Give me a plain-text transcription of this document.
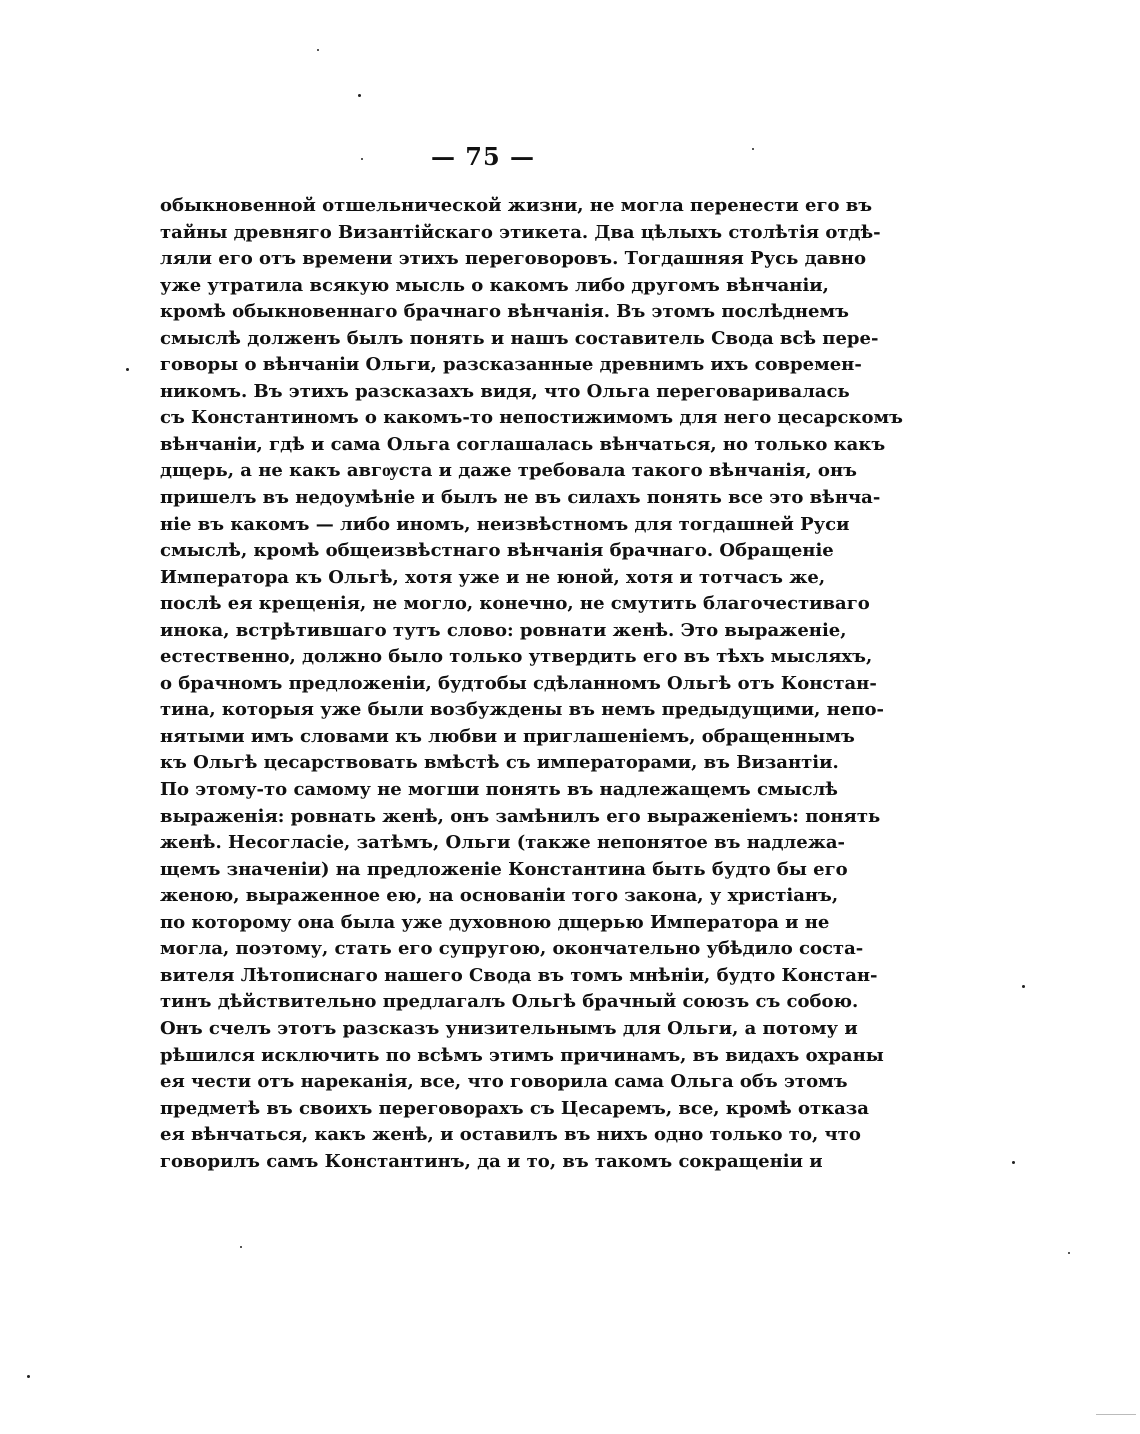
— 75 —
обыкновенной отшельнической жизни, не могла перенести его въ
тайны древняго Византійскаго этикета. Два цѣлыхъ столѣтія отдѣ-
ляли его отъ времени этихъ переговоровъ. Тогдашняя Русь давно
уже утратила всякую мысль о какомъ либо другомъ вѣнчаніи,
кромѣ обыкновеннаго брачнаго вѣнчанія. Въ этомъ послѣднемъ
смыслѣ долженъ былъ понять и нашъ составитель Свода всѣ пере-
говоры о вѣнчаніи Ольги, разсказанные древнимъ ихъ современ-
никомъ. Въ этихъ разсказахъ видя, что Ольга переговаривалась
съ Константиномъ о какомъ-то непостижимомъ для него цесарскомъ
вѣнчаніи, гдѣ и сама Ольга соглашалась вѣнчаться, но только какъ
дщерь, а не какъ авгѹста и даже требовала такого вѣнчанія, онъ
пришелъ въ недоумѣніе и былъ не въ силахъ понять все это вѣнча-
ніе въ какомъ — либо иномъ, неизвѣстномъ для тогдашней Руси
смыслѣ, кромѣ общеизвѣстнаго вѣнчанія брачнаго. Обращеніе
Императора къ Ольгѣ, хотя уже и не юной, хотя и тотчасъ же,
послѣ ея крещенія, не могло, конечно, не смутить благочестиваго
инока, встрѣтившаго тутъ слово: ровнати женѣ. Это выраженіе,
естественно, должно было только утвердить его въ тѣхъ мысляхъ,
о брачномъ предложеніи, будтобы сдѣланномъ Ольгѣ отъ Констан-
тина, которыя уже были возбуждены въ немъ предыдущими, непо-
нятыми имъ словами къ любви и приглашеніемъ, обращеннымъ
къ Ольгѣ цесарствовать вмѣстѣ съ императорами, въ Византіи.
По этому-то самому не могши понять въ надлежащемъ смыслѣ
выраженія: ровнать женѣ, онъ замѣнилъ его выраженіемъ: понять
женѣ. Несогласіе, затѣмъ, Ольги (также непонятое въ надлежа-
щемъ значеніи) на предложеніе Константина быть будто бы его
женою, выраженное ею, на основаніи того закона, у христіанъ,
по которому она была уже духовною дщерью Императора и не
могла, поэтому, стать его супругою, окончательно убѣдило соста-
вителя Лѣтописнаго нашего Свода въ томъ мнѣніи, будто Констан-
тинъ дѣйствительно предлагалъ Ольгѣ брачный союзъ съ собою.
Онъ счелъ этотъ разсказъ унизительнымъ для Ольги, а потому и
рѣшился исключить по всѣмъ этимъ причинамъ, въ видахъ охраны
ея чести отъ нареканія, все, что говорила сама Ольга объ этомъ
предметѣ въ своихъ переговорахъ съ Цесаремъ, все, кромѣ отказа
ея вѣнчаться, какъ женѣ, и оставилъ въ нихъ одно только то, что
говорилъ самъ Константинъ, да и то, въ такомъ сокращеніи и
